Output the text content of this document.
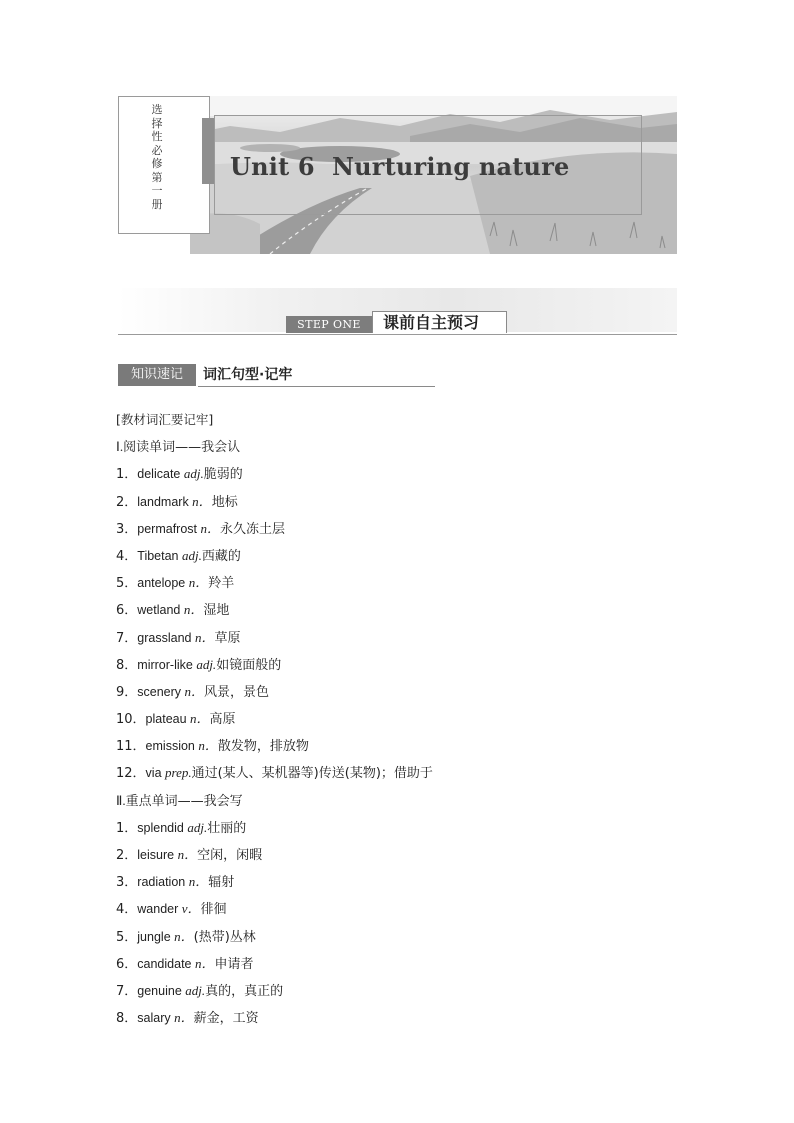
选择性必修第一册
Unit 6  Nurturing nature
STEP ONE	课前自主预习
知识速记	词汇句型·记牢
[教材词汇要记牢]
Ⅰ.阅读单词——我会认
1．delicate adj.脆弱的
2．landmark n．地标
3．permafrost n．永久冻土层
4．Tibetan adj.西藏的
5．antelope n．羚羊
6．wetland n．湿地
7．grassland n．草原
8．mirror-like adj.如镜面般的
9．scenery n．风景，景色
10．plateau n．高原
11．emission n．散发物，排放物
12．via prep.通过(某人、某机器等)传送(某物)；借助于
Ⅱ.重点单词——我会写
1．splendid adj.壮丽的
2．leisure n．空闲，闲暇
3．radiation n．辐射
4．wander v．徘徊
5．jungle n．(热带)丛林
6．candidate n．申请者
7．genuine adj.真的，真正的
8．salary n．薪金，工资
